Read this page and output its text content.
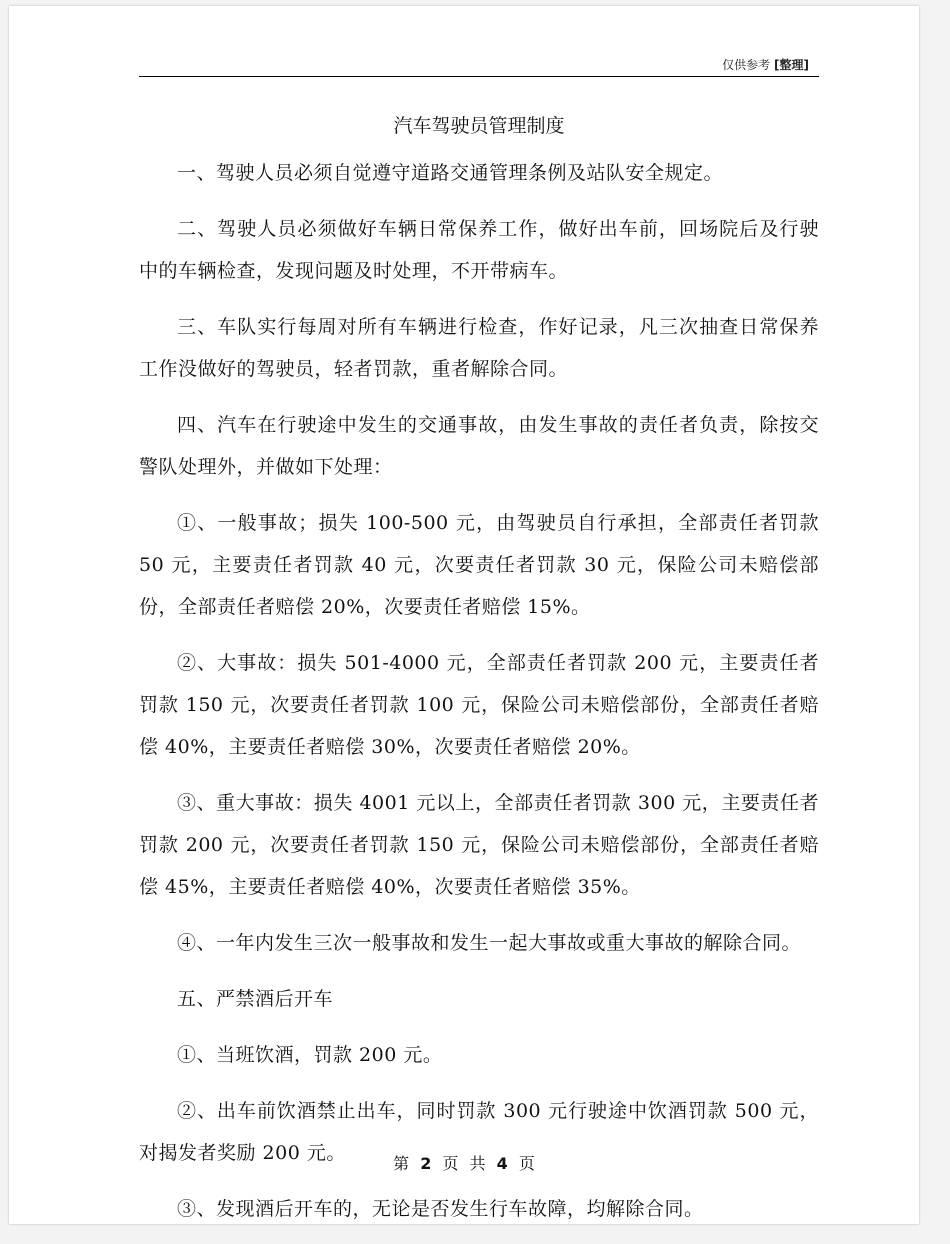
仅供参考 [整理]
汽车驾驶员管理制度

一、驾驶人员必须自觉遵守道路交通管理条例及站队安全规定。

二、驾驶人员必须做好车辆日常保养工作，做好出车前，回场院后及行驶中的车辆检查，发现问题及时处理，不开带病车。

三、车队实行每周对所有车辆进行检查，作好记录，凡三次抽查日常保养工作没做好的驾驶员，轻者罚款，重者解除合同。

四、汽车在行驶途中发生的交通事故，由发生事故的责任者负责，除按交警队处理外，并做如下处理：

①、一般事故；损失 100-500 元，由驾驶员自行承担，全部责任者罚款 50 元，主要责任者罚款 40 元，次要责任者罚款 30 元，保险公司未赔偿部份，全部责任者赔偿 20%，次要责任者赔偿 15%。

②、大事故：损失 501-4000 元，全部责任者罚款 200 元，主要责任者罚款 150 元，次要责任者罚款 100 元，保险公司未赔偿部份，全部责任者赔偿 40%，主要责任者赔偿 30%，次要责任者赔偿 20%。

③、重大事故：损失 4001 元以上，全部责任者罚款 300 元，主要责任者罚款 200 元，次要责任者罚款 150 元，保险公司未赔偿部份，全部责任者赔偿 45%，主要责任者赔偿 40%，次要责任者赔偿 35%。

④、一年内发生三次一般事故和发生一起大事故或重大事故的解除合同。

五、严禁酒后开车

①、当班饮酒，罚款 200 元。

②、出车前饮酒禁止出车，同时罚款 300 元行驶途中饮酒罚款 500 元，对揭发者奖励 200 元。

③、发现酒后开车的，无论是否发生行车故障，均解除合同。

第 2 页 共 4 页
